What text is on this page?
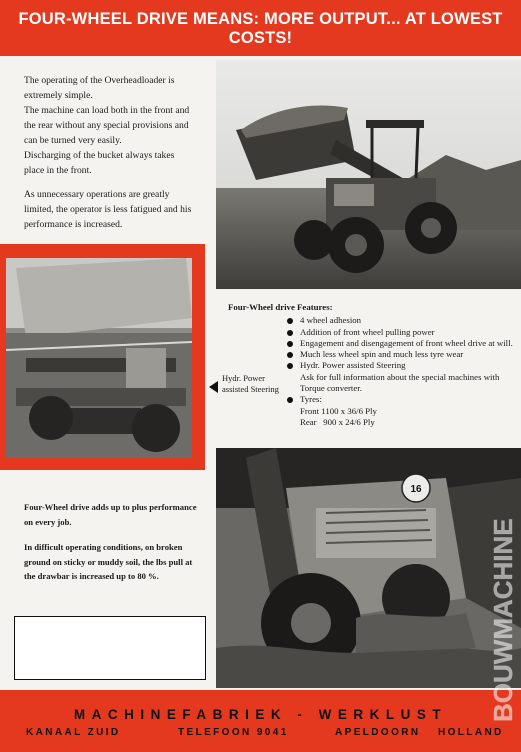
FOUR-WHEEL DRIVE MEANS: MORE OUTPUT... AT LOWEST COSTS!

The operating of the Overheadloader is extremely simple.

The machine can load both in the front and the rear without any special provisions and can be turned very easily.

Discharging of the bucket always takes place in the front.

As unnecessary operations are greatly limited, the operator is less fatigued and his performance is increased.

Hydr. Power assisted Steering
Four-Wheel drive Features:
4 wheel adhesion
Addition of front wheel pulling power
Engagement and disengagement of front wheel drive at will.
Much less wheel spin and much less tyre wear
Hydr. Power assisted Steering
Ask for full information about the special machines with Torque converter.
Tyres:
Front 1100 x 36/6 Ply
Rear   900 x 24/6 Ply
16

Four-Wheel drive adds up to plus performance on every job.

In difficult operating conditions, on broken ground on sticky or muddy soil, the lbs pull at the drawbar is increased up to 80 %.

MACHINEFABRIEK - WERKLUST
KANAAL ZUID	TELEFOON 9041	APELDOORN HOLLAND
BOUWMACHINE
